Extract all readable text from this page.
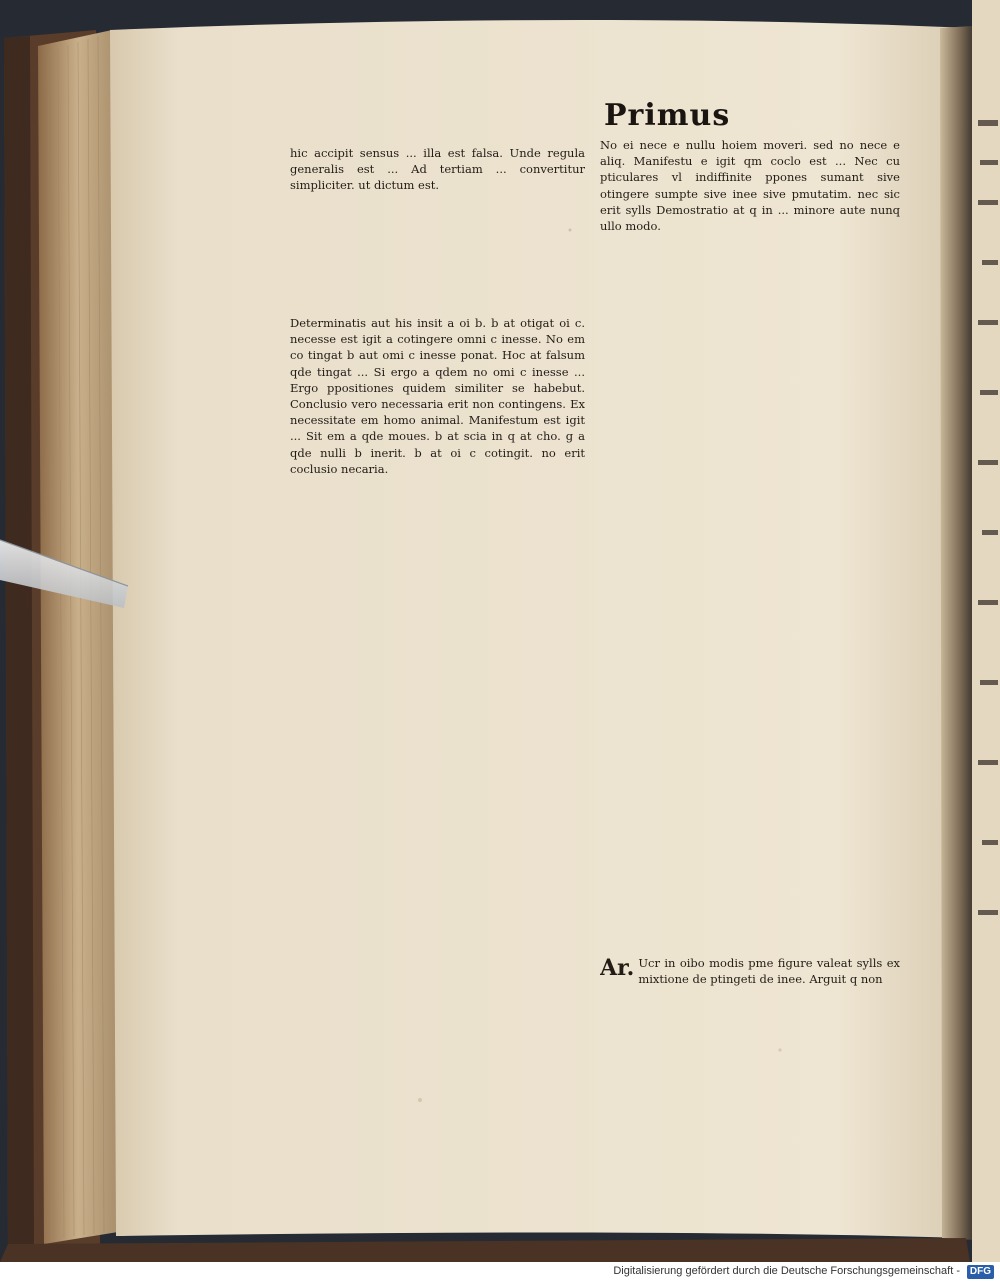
Primus

hic accipit sensus ... illa est falsa. Unde regula generalis est ... Ad tertiam ... convertitur simpliciter. ut dictum est.

Determinatis aut his insit a oi b. b at otigat oi c. necesse est igit a cotingere omni c inesse. No em co tingat b aut omi c inesse ponat. Hoc at falsum qde tingat ... Si ergo a qdem no omi c inesse ... Ergo ppositiones quidem similiter se habebut. Conclusio vero necessaria erit non contingens. Ex necessitate em homo animal. Manifestum est igit ... Sit em a qde moues. b at scia in q at cho. g a qde nulli b inerit. b at oi c cotingit. no erit coclusio necaria.

No ei nece e nullu hoiem moveri. sed no nece e aliq. Manifestu e igit qm coclo est ... Nec cu pticulares vl indiffinite ppones sumant sive otingere sumpte sive inee sive pmutatim. nec sic erit sylls Demostratio at q in ... minore aute nunq ullo modo.

Ar. Ucr in oibo modis pme figure valeat sylls ex mixtione de ptingeti de inee. Arguit q non

Digitalisierung gefördert durch die Deutsche Forschungsgemeinschaft - DFG
